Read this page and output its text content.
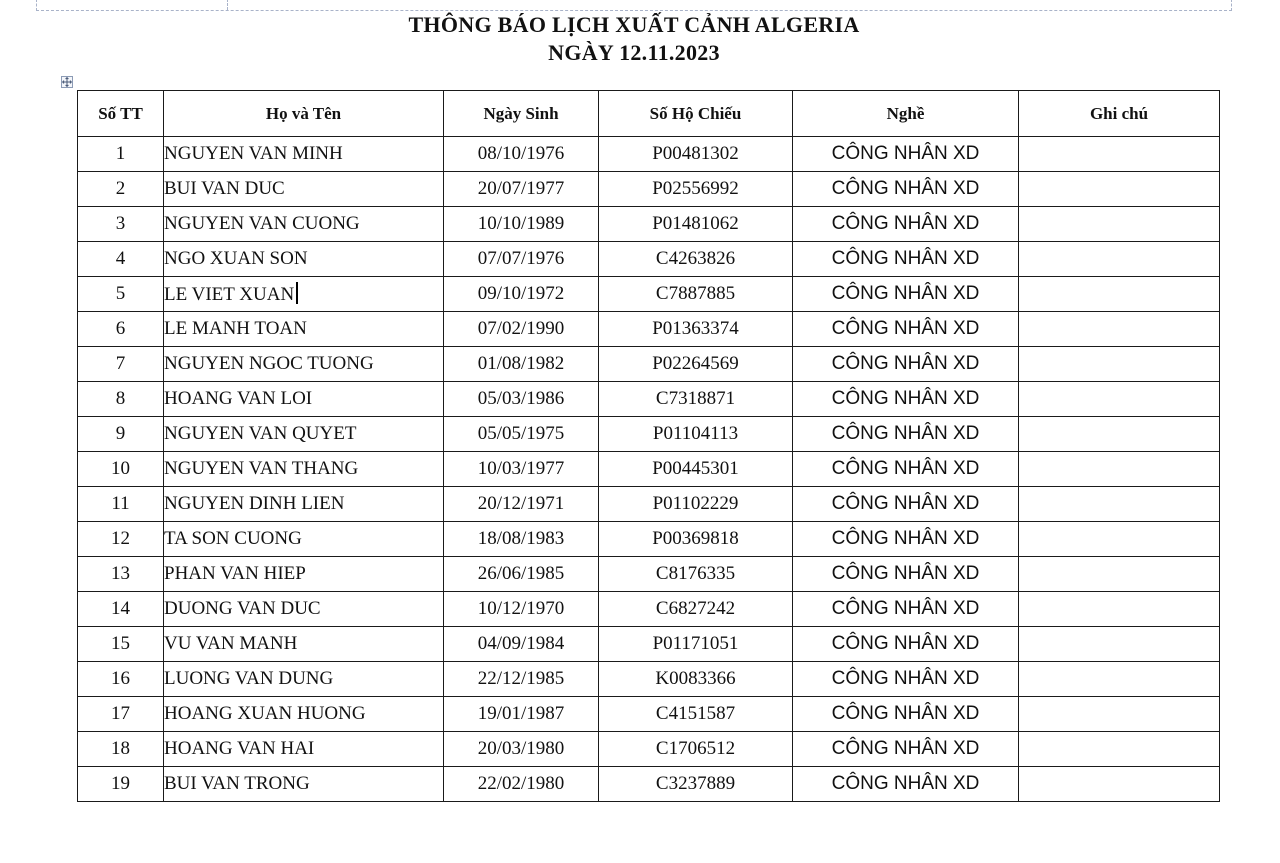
THÔNG BÁO LỊCH XUẤT CẢNH ALGERIA
NGÀY 12.11.2023
Số TT	Họ và Tên	Ngày Sinh	Số Hộ Chiếu	Nghề	Ghi chú
1	NGUYEN VAN MINH	08/10/1976	P00481302	CÔNG NHÂN XD	
2	BUI VAN DUC	20/07/1977	P02556992	CÔNG NHÂN XD	
3	NGUYEN VAN CUONG	10/10/1989	P01481062	CÔNG NHÂN XD	
4	NGO XUAN SON	07/07/1976	C4263826	CÔNG NHÂN XD	
5	LE VIET XUAN	09/10/1972	C7887885	CÔNG NHÂN XD	
6	LE MANH TOAN	07/02/1990	P01363374	CÔNG NHÂN XD	
7	NGUYEN NGOC TUONG	01/08/1982	P02264569	CÔNG NHÂN XD	
8	HOANG VAN LOI	05/03/1986	C7318871	CÔNG NHÂN XD	
9	NGUYEN VAN QUYET	05/05/1975	P01104113	CÔNG NHÂN XD	
10	NGUYEN VAN THANG	10/03/1977	P00445301	CÔNG NHÂN XD	
11	NGUYEN DINH LIEN	20/12/1971	P01102229	CÔNG NHÂN XD	
12	TA SON CUONG	18/08/1983	P00369818	CÔNG NHÂN XD	
13	PHAN VAN HIEP	26/06/1985	C8176335	CÔNG NHÂN XD	
14	DUONG VAN DUC	10/12/1970	C6827242	CÔNG NHÂN XD	
15	VU VAN MANH	04/09/1984	P01171051	CÔNG NHÂN XD	
16	LUONG VAN DUNG	22/12/1985	K0083366	CÔNG NHÂN XD	
17	HOANG XUAN HUONG	19/01/1987	C4151587	CÔNG NHÂN XD	
18	HOANG VAN HAI	20/03/1980	C1706512	CÔNG NHÂN XD	
19	BUI VAN TRONG	22/02/1980	C3237889	CÔNG NHÂN XD	
